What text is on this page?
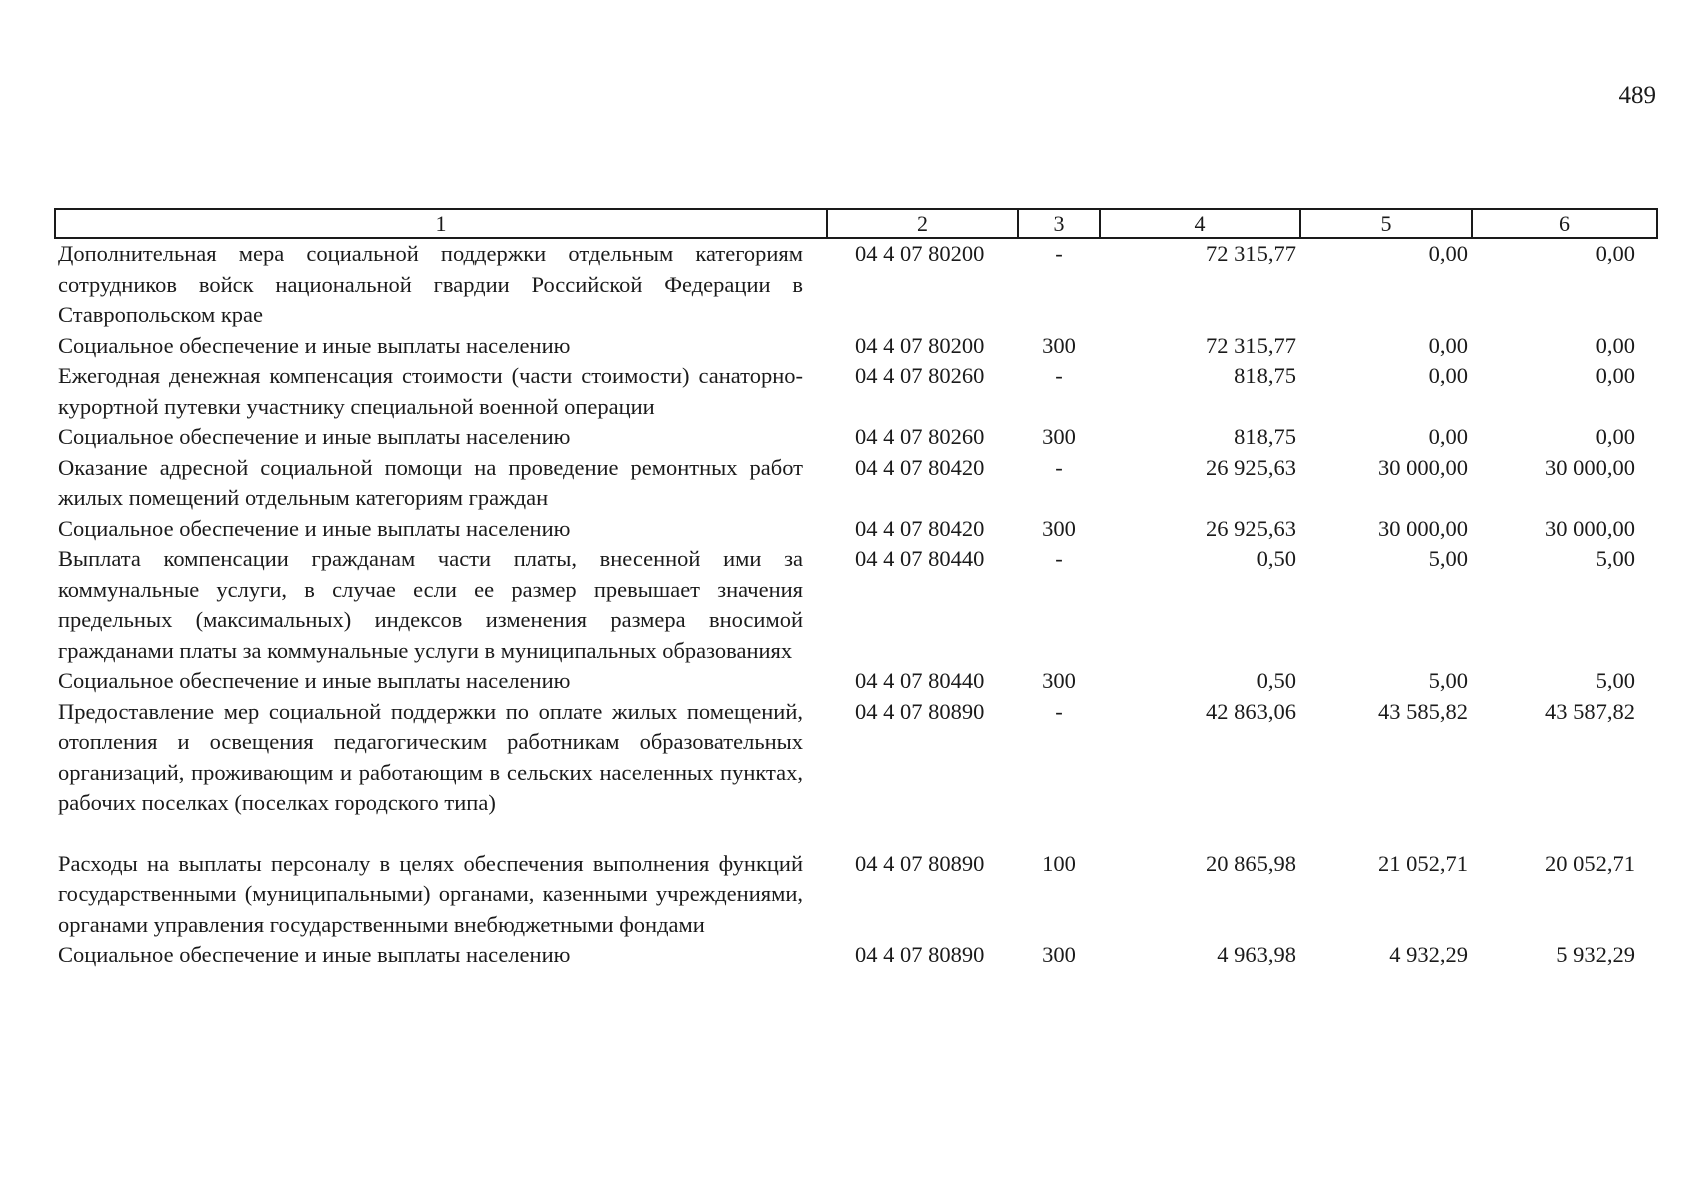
489
1	2	3	4	5	6
Дополнительная мера социальной поддержки отдельным категориям сотрудников войск национальной гвардии Российской Федерации в Ставропольском крае	04 4 07 80200	-	72 315,77	0,00	0,00
Социальное обеспечение и иные выплаты населению	04 4 07 80200	300	72 315,77	0,00	0,00
Ежегодная денежная компенсация стоимости (части стоимости) санаторно-курортной путевки участнику специальной военной операции	04 4 07 80260	-	818,75	0,00	0,00
Социальное обеспечение и иные выплаты населению	04 4 07 80260	300	818,75	0,00	0,00
Оказание адресной социальной помощи на проведение ремонтных работ жилых помещений отдельным категориям граждан	04 4 07 80420	-	26 925,63	30 000,00	30 000,00
Социальное обеспечение и иные выплаты населению	04 4 07 80420	300	26 925,63	30 000,00	30 000,00
Выплата компенсации гражданам части платы, внесенной ими за коммунальные услуги, в случае если ее размер превышает значения предельных (максимальных) индексов изменения размера вносимой гражданами платы за коммунальные услуги в муниципальных образованиях	04 4 07 80440	-	0,50	5,00	5,00
Социальное обеспечение и иные выплаты населению	04 4 07 80440	300	0,50	5,00	5,00
Предоставление мер социальной поддержки по оплате жилых помещений, отопления и освещения педагогическим работникам образовательных организаций, проживающим и работающим в сельских населенных пунктах, рабочих поселках (поселках городского типа)	04 4 07 80890	-	42 863,06	43 585,82	43 587,82
Расходы на выплаты персоналу в целях обеспечения выполнения функций государственными (муниципальными) органами, казенными учреждениями, органами управления государственными внебюджетными фондами	04 4 07 80890	100	20 865,98	21 052,71	20 052,71
Социальное обеспечение и иные выплаты населению	04 4 07 80890	300	4 963,98	4 932,29	5 932,29
